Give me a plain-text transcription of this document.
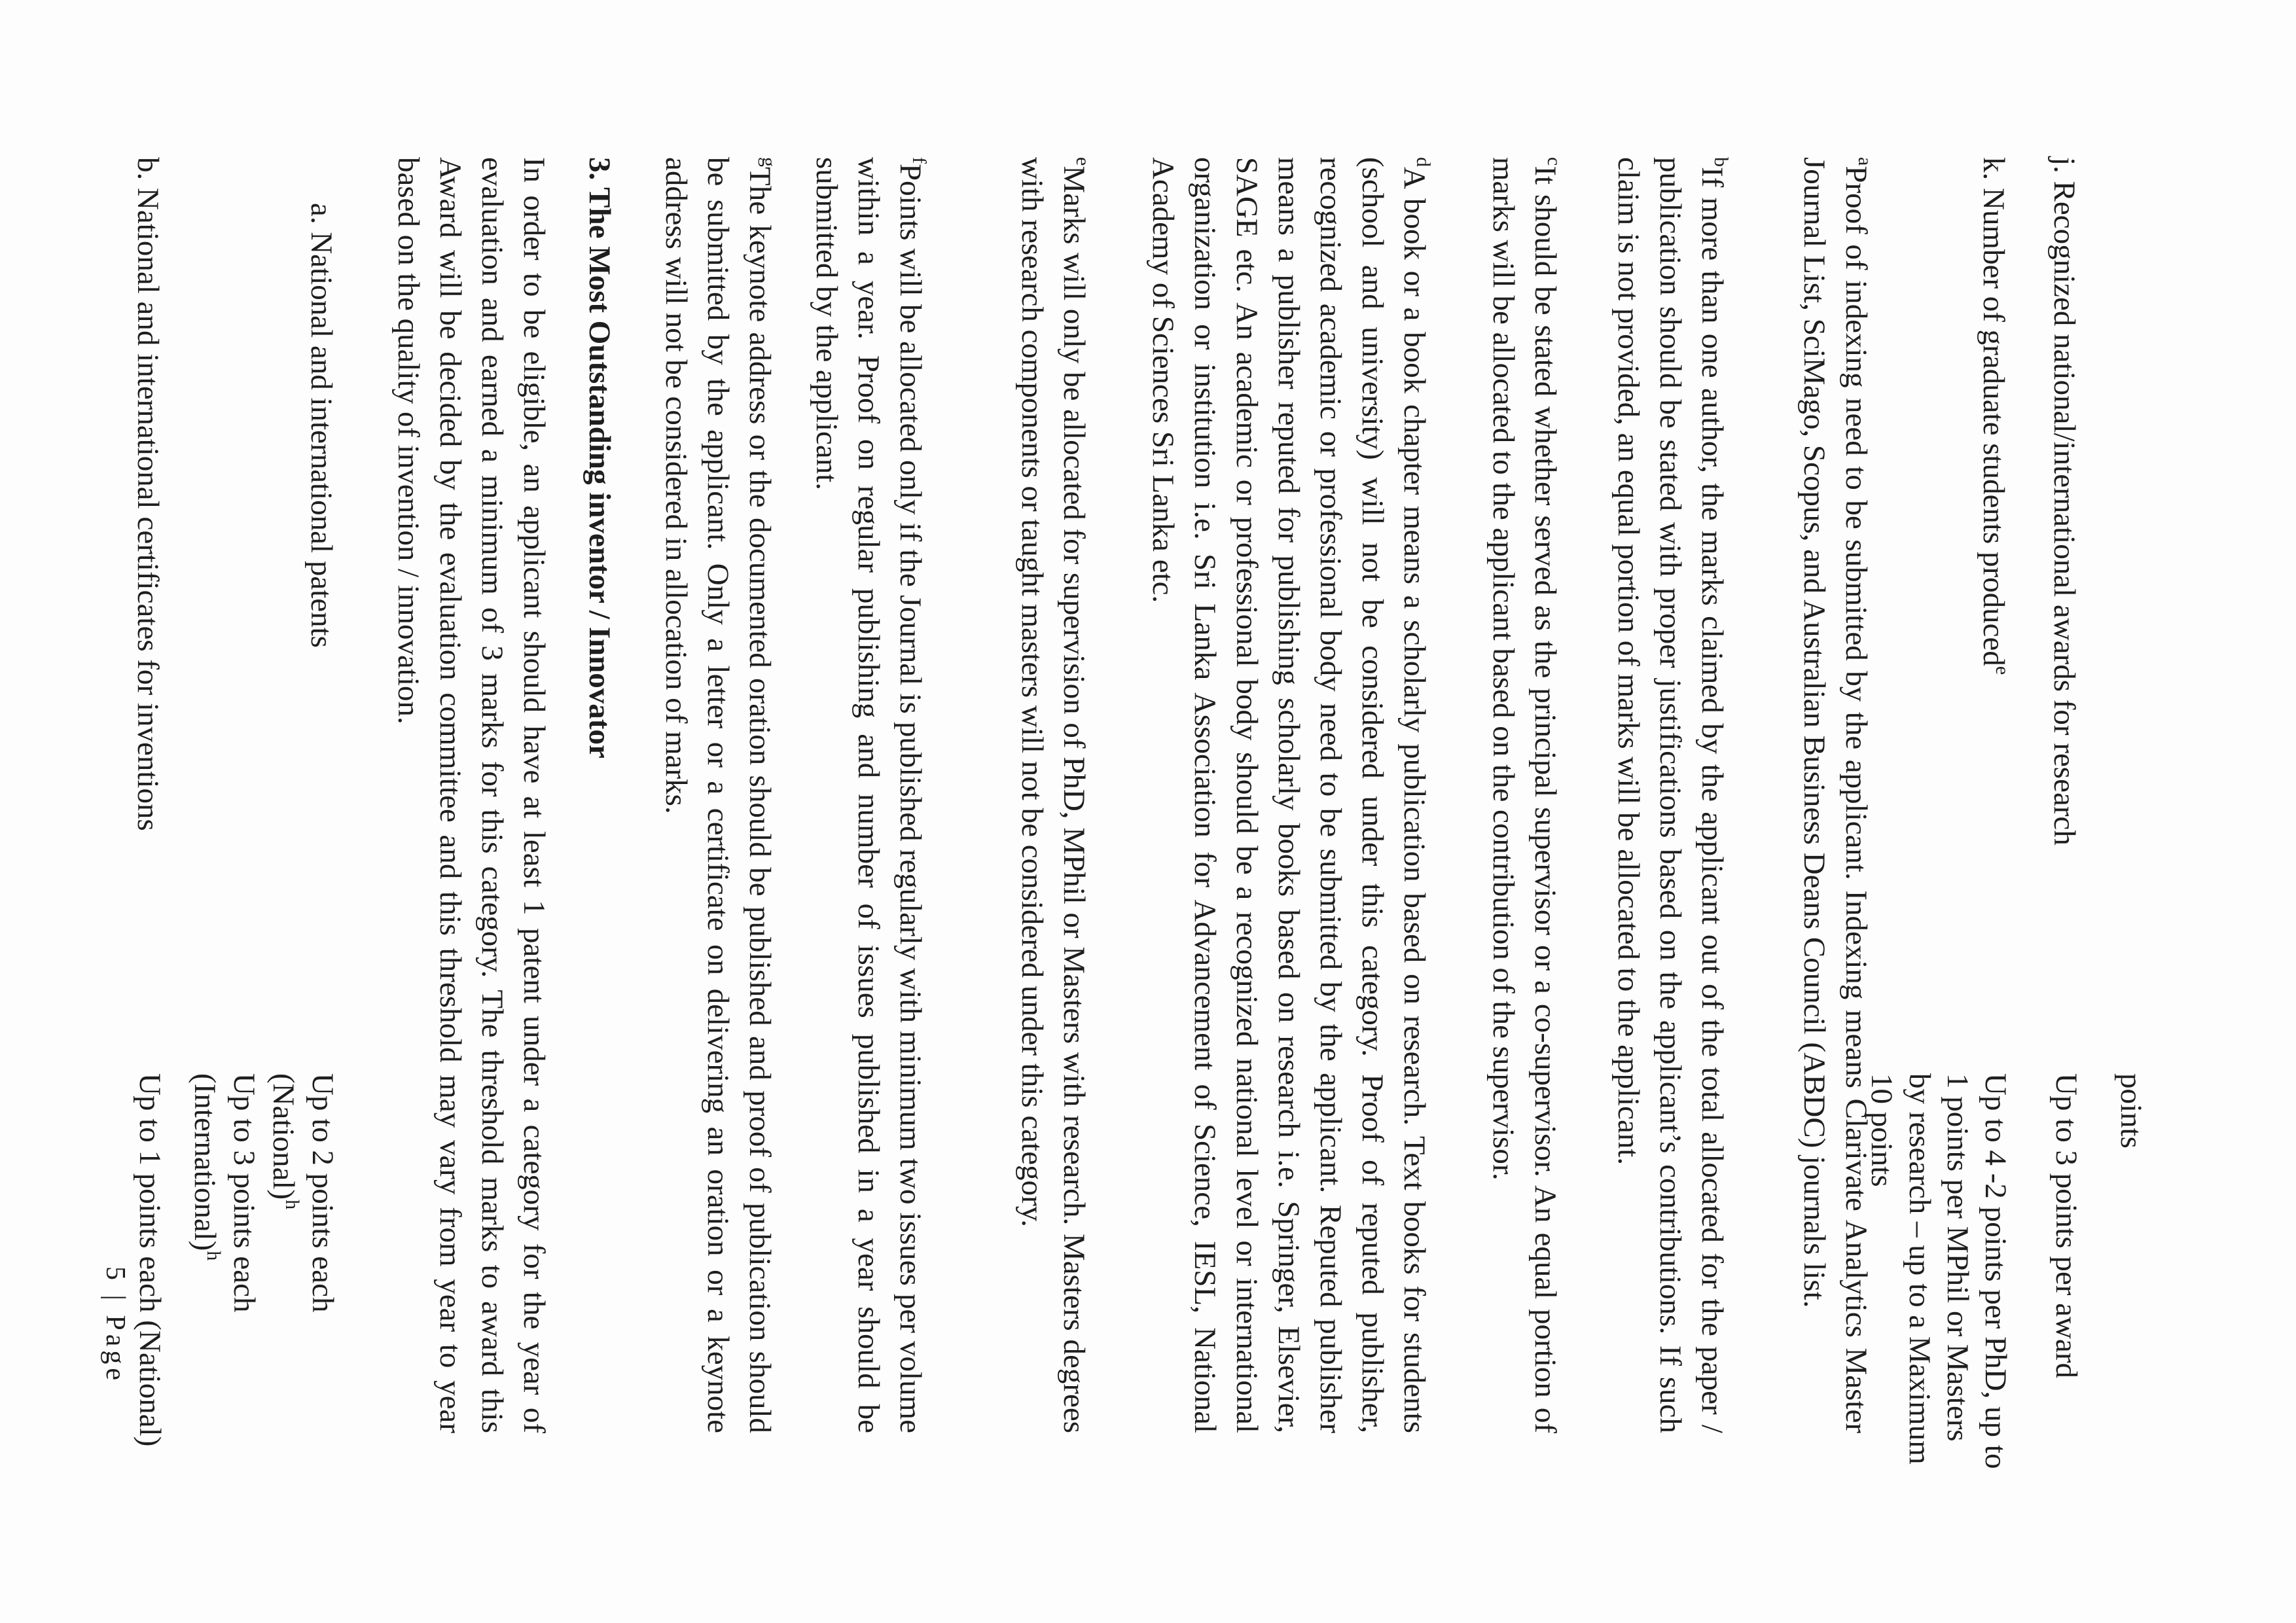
points
j. Recognized national/international awards for research
Up to 3 points per award
k. Number of graduate students produced$^e$
Up to 4 -2 points per PhD, up to 1 points per MPhil or Masters by research – up to a Maximum 10 points
$^a$Proof of indexing need to be submitted by the applicant. Indexing means Clarivate Analytics Master Journal List, SciMago, Scopus, and Australian Business Deans Council (ABDC) journals list.
$^b$If more than one author, the marks claimed by the applicant out of the total allocated for the paper / publication should be stated with proper justifications based on the applicant’s contributions. If such claim is not provided, an equal portion of marks will be allocated to the applicant.
$^c$It should be stated whether served as the principal supervisor or a co-supervisor. An equal portion of marks will be allocated to the applicant based on the contribution of the supervisor.
$^d$A book or a book chapter means a scholarly publication based on research. Text books for students (school and university) will not be considered under this category. Proof of reputed publisher, recognized academic or professional body need to be submitted by the applicant. Reputed publisher means a publisher reputed for publishing scholarly books based on research i.e. Springer, Elsevier, SAGE etc. An academic or professional body should be a recognized national level or international organization or institution i.e. Sri Lanka Association for Advancement of Science, IESL, National Academy of Sciences Sri Lanka etc.
$^e$Marks will only be allocated for supervision of PhD, MPhil or Masters with research. Masters degrees with research components or taught masters will not be considered under this category.
$^f$Points will be allocated only if the Journal is published regularly with minimum two issues per volume within a year. Proof on regular publishing and number of issues published in a year should be submitted by the applicant.
$^g$The keynote address or the documented oration should be published and proof of publication should be submitted by the applicant. Only a letter or a certificate on delivering an oration or a keynote address will not be considered in allocation of marks.
3. The Most Outstanding inventor / Innovator
In order to be eligible, an applicant should have at least 1 patent under a category for the year of evaluation and earned a minimum of 3 marks for this category. The threshold marks to award this Award will be decided by the evaluation committee and this threshold may vary from year to year based on the quality of invention / innovation.
a. National and international patents
Up to 2 points each
(National)$^h$
Up to 3 points each
(International)$^h$
b. National and international certificates for inventions
Up to 1 points each (National)
5 | Page
